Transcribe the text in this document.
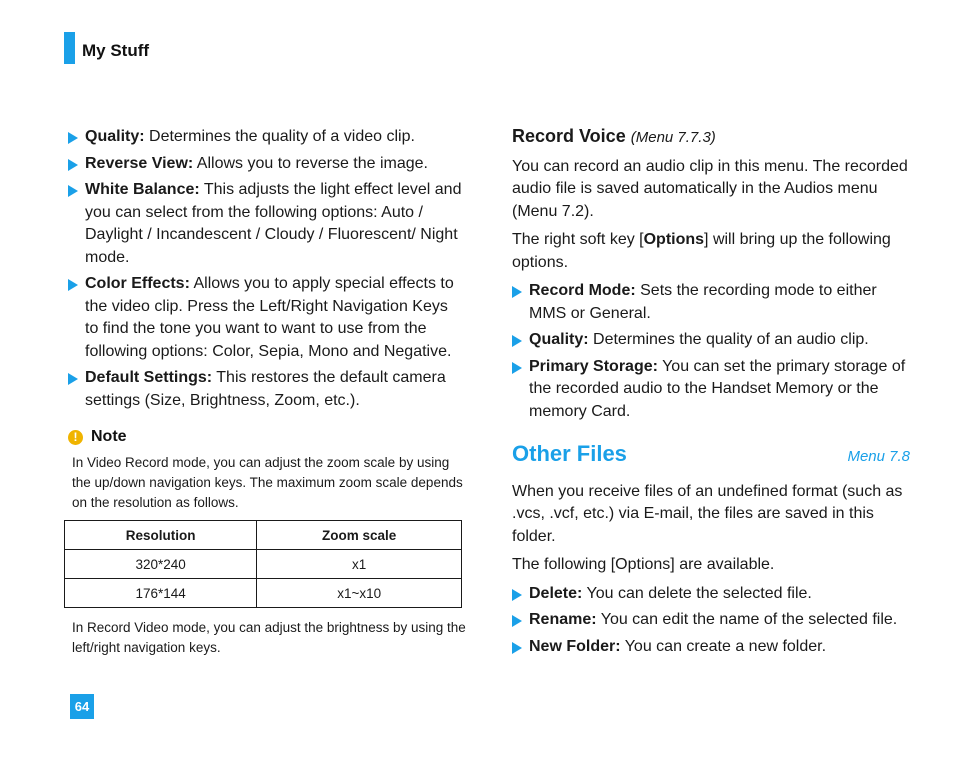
My Stuff
Quality: Determines the quality of a video clip.
Reverse View: Allows you to reverse the image.
White Balance: This adjusts the light effect level and you can select from the following options: Auto / Daylight / Incandescent / Cloudy / Fluorescent/ Night mode.
Color Effects: Allows you to apply special effects to the video clip. Press the Left/Right Navigation Keys to find the tone you want to want to use from the following options: Color, Sepia, Mono and Negative.
Default Settings: This restores the default camera settings (Size, Brightness, Zoom, etc.).
! Note
In Video Record mode, you can adjust the zoom scale by using the up/down navigation keys. The maximum zoom scale depends on the resolution as follows.
Resolution	Zoom scale
320*240	x1
176*144	x1~x10
In Record Video mode, you can adjust the brightness by using the left/right navigation keys.
Record Voice (Menu 7.7.3)
You can record an audio clip in this menu. The recorded audio file is saved automatically in the Audios menu (Menu 7.2).
The right soft key [Options] will bring up the following options.
Record Mode: Sets the recording mode to either MMS or General.
Quality: Determines the quality of an audio clip.
Primary Storage: You can set the primary storage of the recorded audio to the Handset Memory or the memory Card.
Other Files	Menu 7.8
When you receive files of an undefined format (such as .vcs, .vcf, etc.) via E-mail, the files are saved in this folder.
The following [Options] are available.
Delete: You can delete the selected file.
Rename: You can edit the name of the selected file.
New Folder: You can create a new folder.
64
